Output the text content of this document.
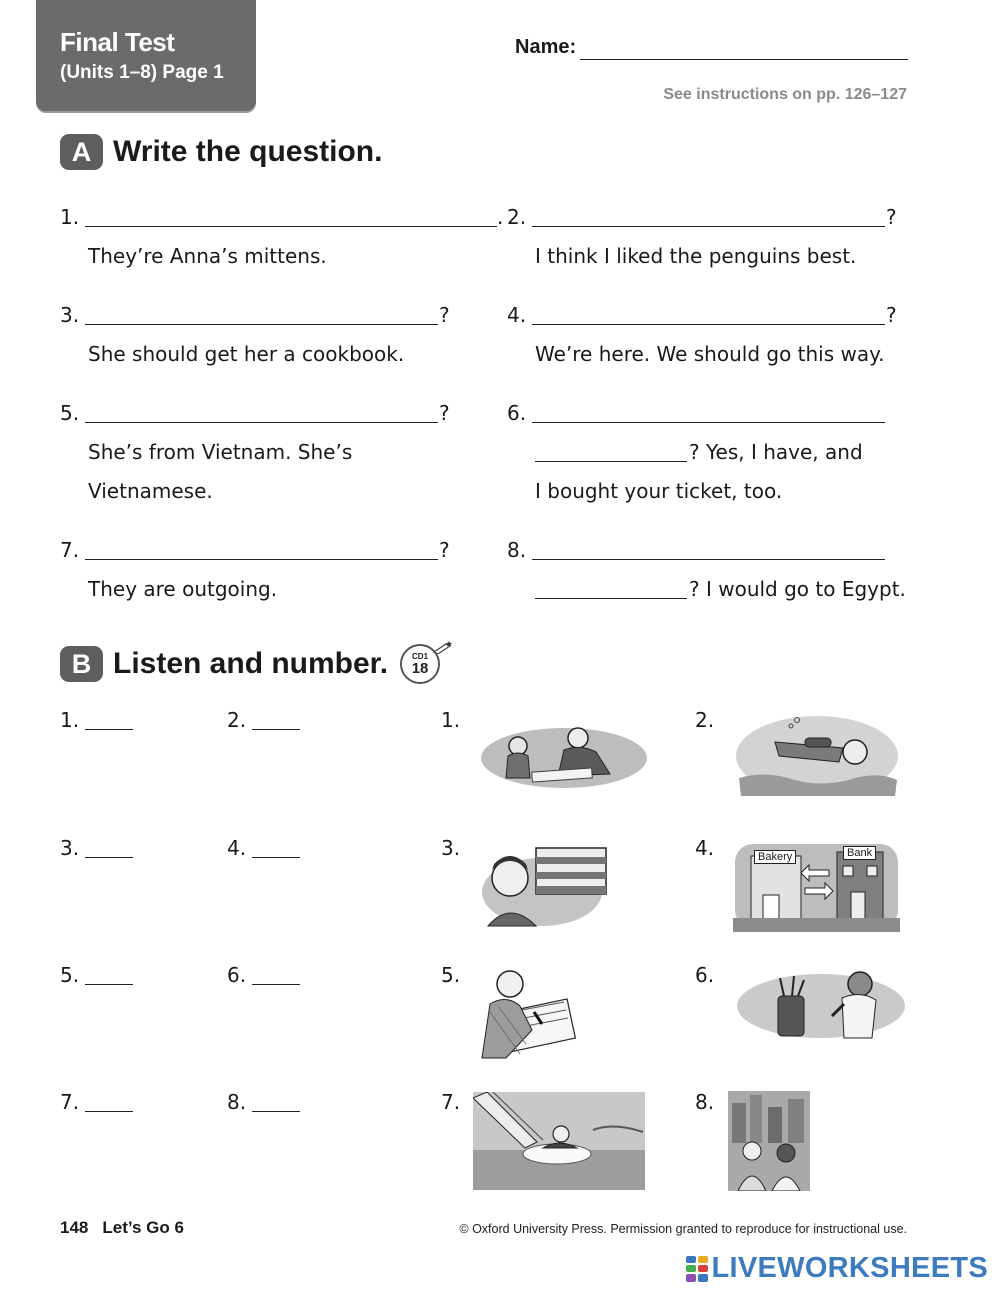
Final Test
(Units 1–8) Page 1
Name:
See instructions on pp. 126–127
A Write the question.
1.	.
They’re Anna’s mittens.
2.	?
I think I liked the penguins best.
3.	?
She should get her a cookbook.
4.	?
We’re here. We should go this way.
5.	?
She’s from Vietnam. She’s
Vietnamese.
6.
? Yes, I have, and
I bought your ticket, too.
7.	?
They are outgoing.
8.
? I would go to Egypt.
B Listen and number.	CD1
18
1.	2.
3.	4.
5.	6.
7.	8.
1.	2.
3.	4.	Bakery	Bank
5.	6.
7.	8.
148 Let’s Go 6	© Oxford University Press. Permission granted to reproduce for instructional use.
LIVEWORKSHEETS
